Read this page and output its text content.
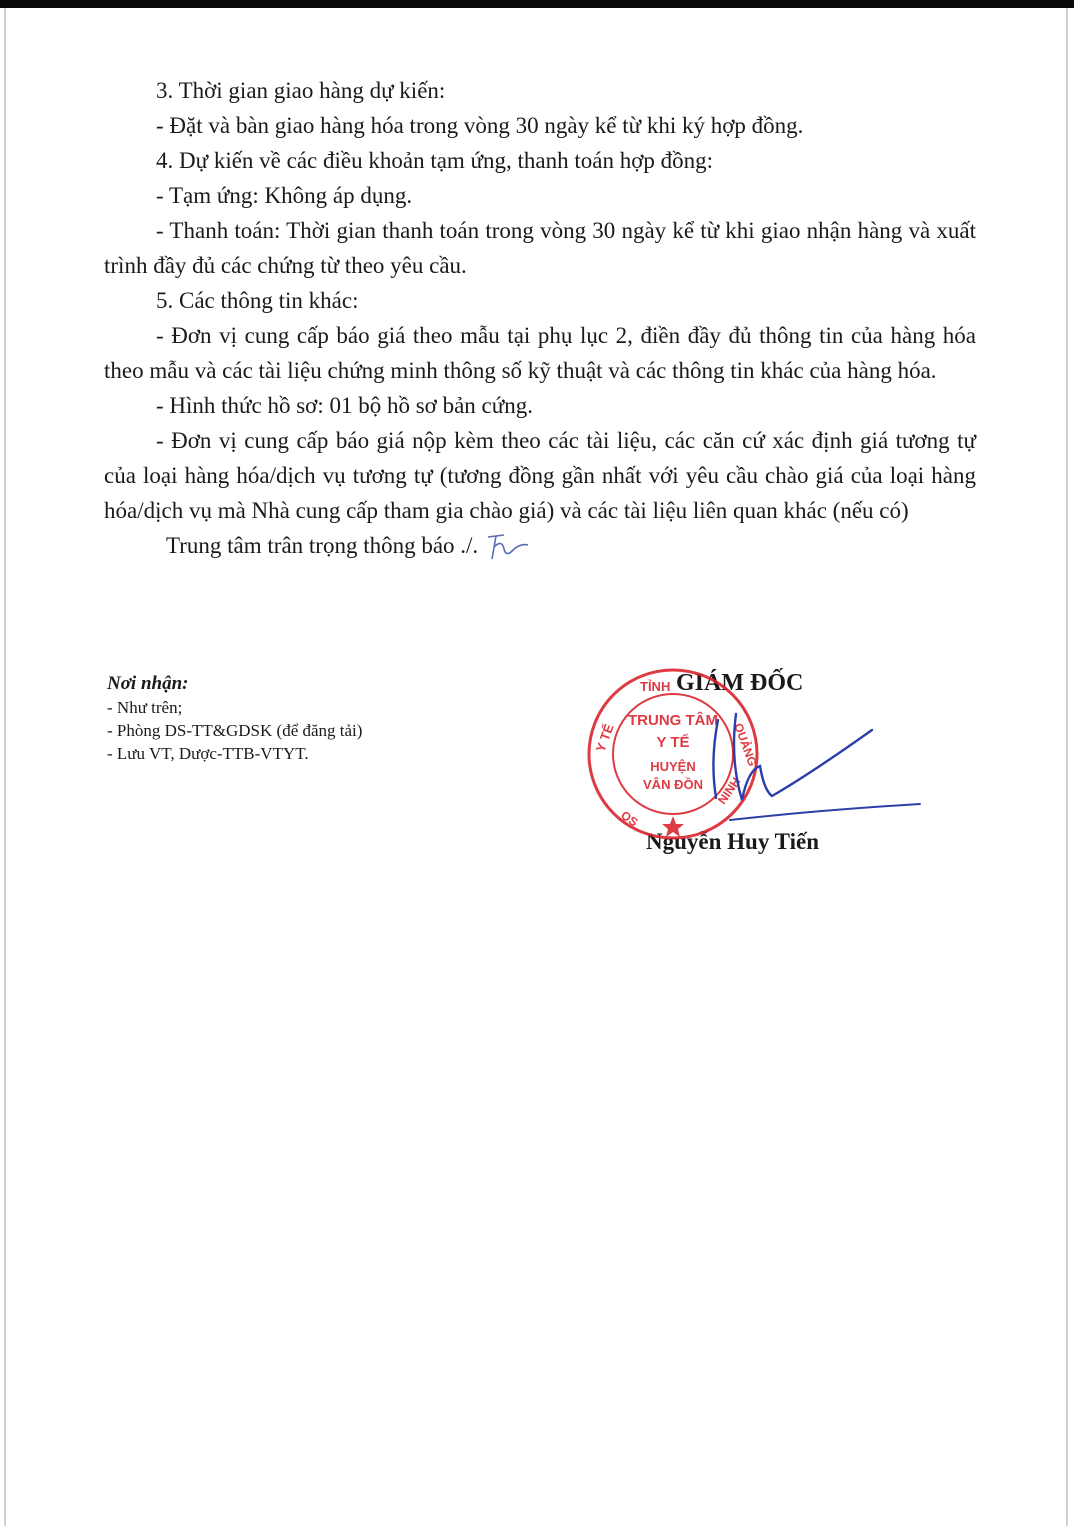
3. Thời gian giao hàng dự kiến:

- Đặt và bàn giao hàng hóa trong vòng 30 ngày kể từ khi ký hợp đồng.

4. Dự kiến về các điều khoản tạm ứng, thanh toán hợp đồng:

- Tạm ứng: Không áp dụng.

- Thanh toán: Thời gian thanh toán trong vòng 30 ngày kể từ khi giao nhận hàng và xuất trình đầy đủ các chứng từ theo yêu cầu.

5. Các thông tin khác:

- Đơn vị cung cấp báo giá theo mẫu tại phụ lục 2, điền đầy đủ thông tin của hàng hóa theo mẫu và các tài liệu chứng minh thông số kỹ thuật và các thông tin khác của hàng hóa.

- Hình thức hồ sơ: 01 bộ hồ sơ bản cứng.

- Đơn vị cung cấp báo giá nộp kèm theo các tài liệu, các căn cứ xác định giá tương tự của loại hàng hóa/dịch vụ tương tự (tương đồng gần nhất với yêu cầu chào giá của loại hàng hóa/dịch vụ mà Nhà cung cấp tham gia chào giá) và các tài liệu liên quan khác (nếu có)

Trung tâm trân trọng thông báo ./.

Nơi nhận:
- Như trên;
- Phòng DS-TT&GDSK (để đăng tải)
- Lưu VT, Dược-TTB-VTYT.
GIÁM ĐỐC
Nguyễn Huy Tiến
TỈNH
Y TẾ
QS
QUẢNG
NINH
TRUNG TÂM
Y TẾ
HUYỆN
VÂN ĐỒN
